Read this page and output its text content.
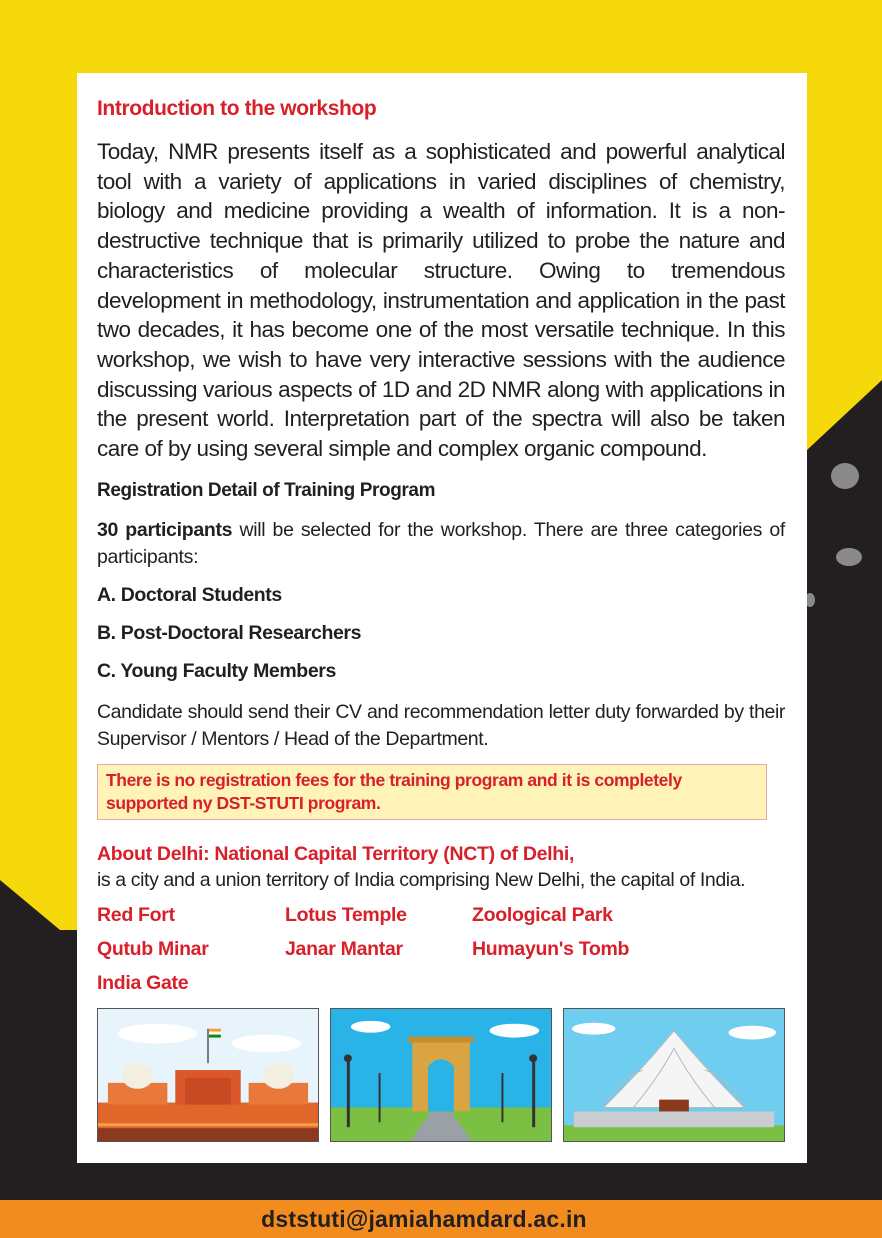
Introduction to the workshop
Today, NMR presents itself as a sophisticated and powerful analytical tool with a variety of applications in varied disciplines of chemistry, biology and medicine providing a wealth of information. It is a non-destructive technique that is primarily utilized to probe the nature and characteristics of molecular structure. Owing to tremendous development in methodology, instrumentation and application in the past two decades, it has become one of the most versatile technique. In this workshop, we wish to have very interactive sessions with the audience discussing various aspects of 1D and 2D NMR along with applications in the present world. Interpretation part of the spectra will also be taken care of by using several simple and complex organic compound.
Registration Detail of Training Program
30 participants will be selected for the workshop. There are three categories of participants:
A. Doctoral Students
B. Post-Doctoral Researchers
C. Young Faculty Members
Candidate should send their CV and recommendation letter duty forwarded by their Supervisor / Mentors / Head of the Department.
There is no registration fees for the training program and it is completely supported ny DST-STUTI program.
About Delhi: National Capital Territory (NCT) of Delhi,
is a city and a union territory of India comprising New Delhi, the capital of India.
Red Fort	Lotus Temple	Zoological Park
Qutub Minar	Janar Mantar	Humayun's Tomb
India Gate
dststuti@jamiahamdard.ac.in
